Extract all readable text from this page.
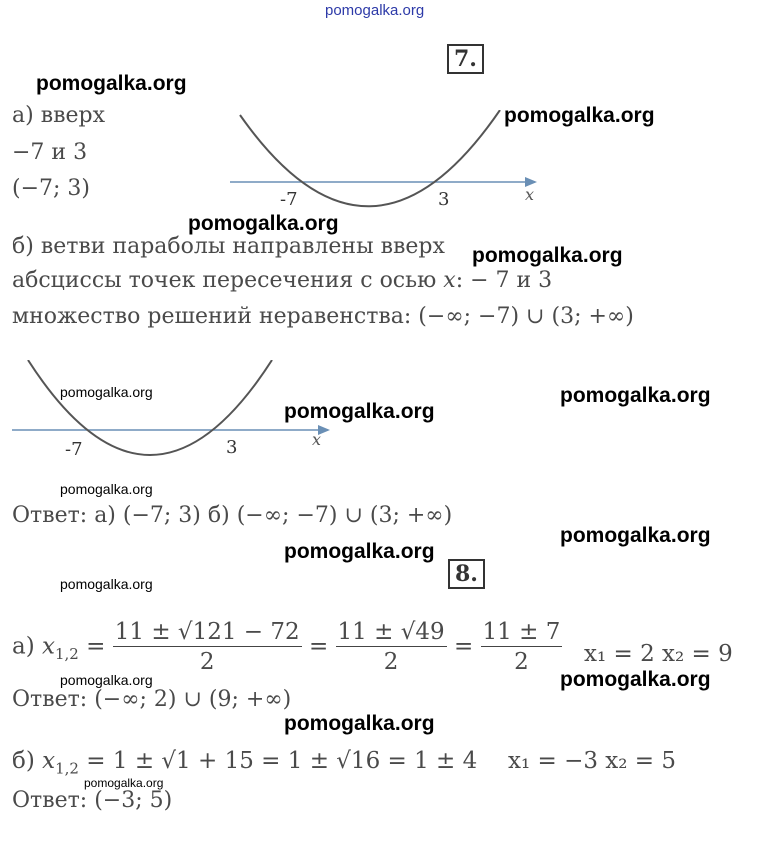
pomogalka.org
7.
а) вверх
−7 и 3
(−7; 3)	-7	3	x
б) ветви параболы направлены вверх
абсциссы точек пересечения с осью x: − 7 и 3
множество решений неравенства: (−∞; −7) ∪ (3; +∞)
-7	3	x
Ответ: а) (−7; 3) б) (−∞; −7) ∪ (3; +∞)
8.
а) $x_{1,2} = \frac{11 \pm √121 - 72}{2} = \frac{11 \pm √49}{2} = \frac{11 \pm 7}{2} x_1 = 2$ x₂ = 9
Ответ: (−∞; 2) ∪ (9; +∞)
б) $x_{1,2} = 1 \pm √1 + 15 = 1 \pm √16 = 1 \pm 4$ x₁ = −3 x₂ = 5
Ответ: (−3; 5)
pomogalka.org
pomogalka.org
pomogalka.org
pomogalka.org
pomogalka.org	pomogalka.org
pomogalka.org
pomogalka.org
pomogalka.org
pomogalka.org
pomogalka.org
pomogalka.org	pomogalka.org
pomogalka.org
pomogalka.org
